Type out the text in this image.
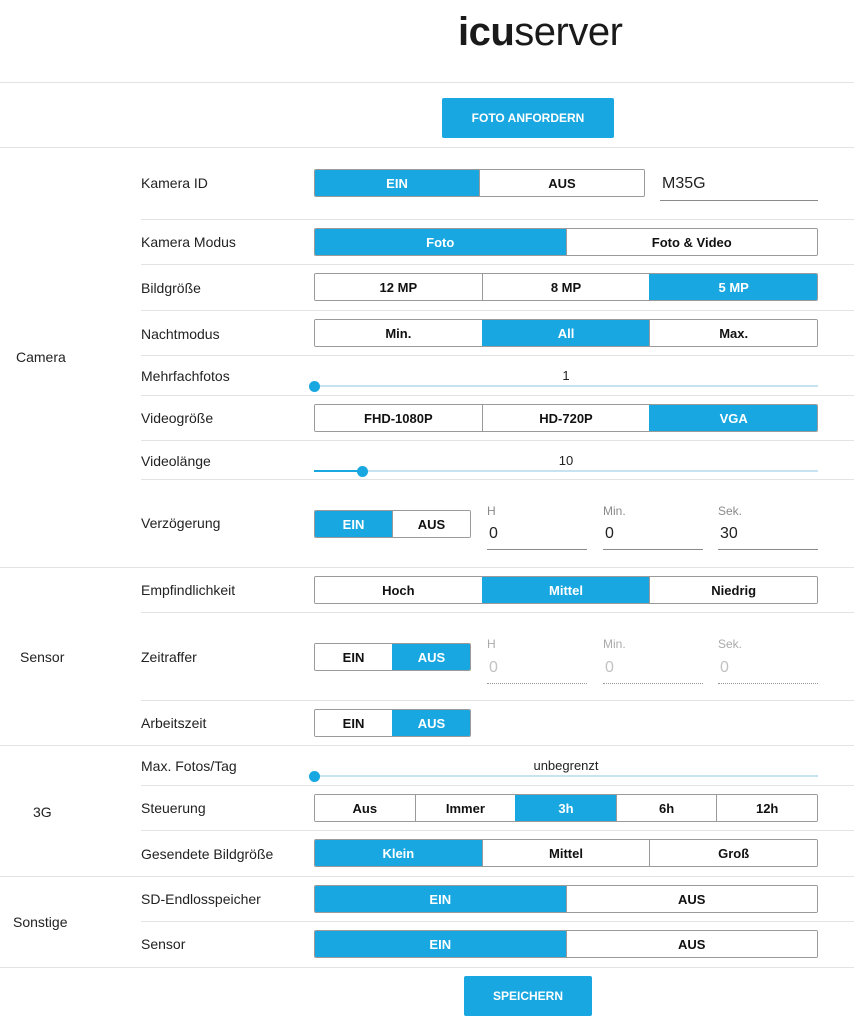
icuserver
FOTO ANFORDERN
Camera
Sensor
3G
Sonstige
Kamera ID	EIN	AUS	M35G
Kamera Modus	Foto	Foto & Video
Bildgröße	12 MP	8 MP	5 MP
Nachtmodus	Min.	All	Max.
Mehrfachfotos	1
Videogröße	FHD-1080P	HD-720P	VGA
Videolänge	10
Verzögerung	EIN	AUS
H
0
Min.
0
Sek.
30
Empfindlichkeit	Hoch	Mittel	Niedrig
Zeitraffer	EIN	AUS
H
0
Min.
0
Sek.
0
Arbeitszeit	EIN	AUS
Max. Fotos/Tag	unbegrenzt
Steuerung	Aus	Immer	3h	6h	12h
Gesendete Bildgröße	Klein	Mittel	Groß
SD-Endlosspeicher	EIN	AUS
Sensor	EIN	AUS
SPEICHERN
